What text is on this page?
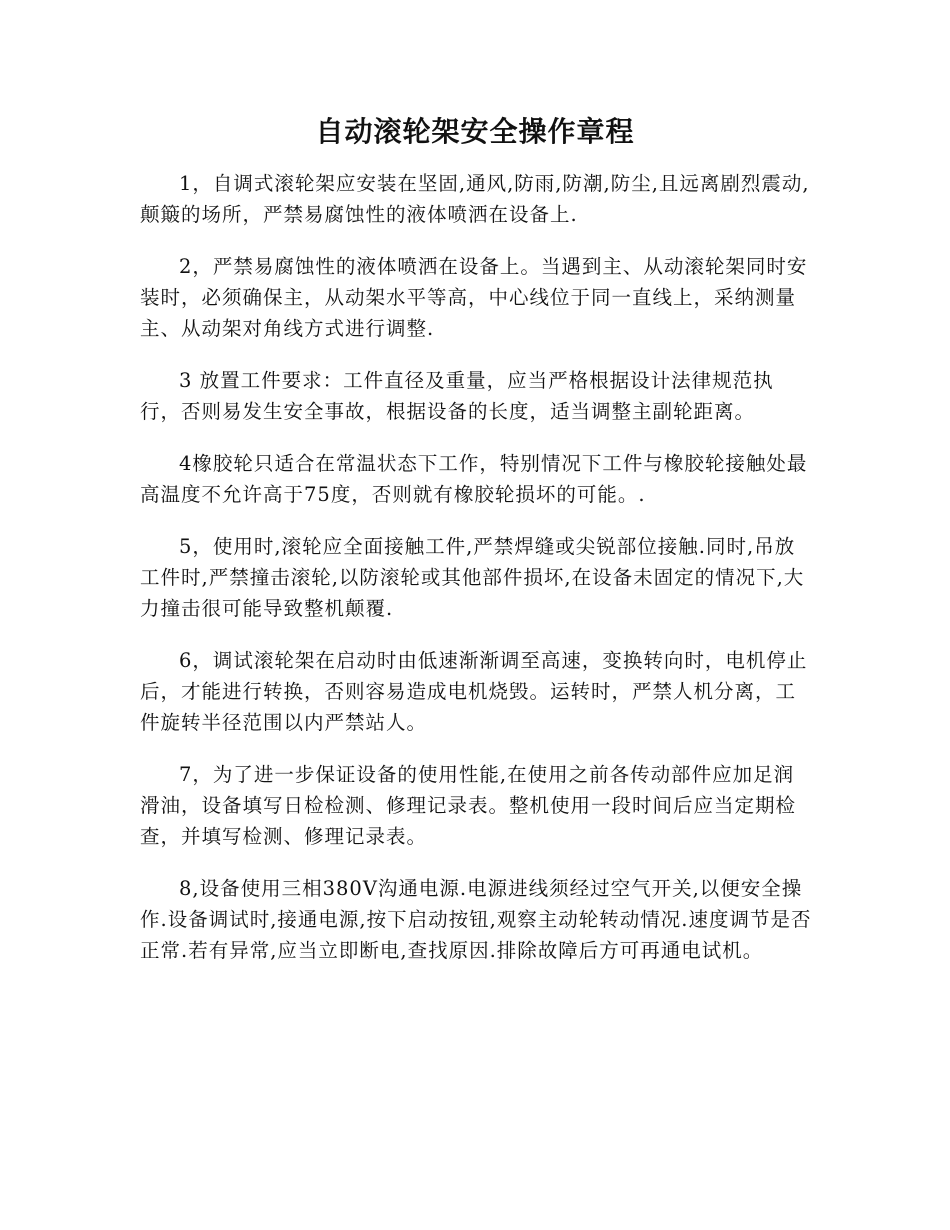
自动滚轮架安全操作章程

1，自调式滚轮架应安装在坚固,通风,防雨,防潮,防尘,且远离剧烈震动,颠簸的场所，严禁易腐蚀性的液体喷洒在设备上.

2，严禁易腐蚀性的液体喷洒在设备上。当遇到主、从动滚轮架同时安装时，必须确保主，从动架水平等高，中心线位于同一直线上，采纳测量主、从动架对角线方式进行调整.

3 放置工件要求：工件直径及重量，应当严格根据设计法律规范执行，否则易发生安全事故，根据设备的长度，适当调整主副轮距离。

4橡胶轮只适合在常温状态下工作，特别情况下工件与橡胶轮接触处最高温度不允许高于75度，否则就有橡胶轮损坏的可能。.

5，使用时,滚轮应全面接触工件,严禁焊缝或尖锐部位接触.同时,吊放工件时,严禁撞击滚轮,以防滚轮或其他部件损坏,在设备未固定的情况下,大力撞击很可能导致整机颠覆.

6，调试滚轮架在启动时由低速渐渐调至高速，变换转向时，电机停止后，才能进行转换，否则容易造成电机烧毁。运转时，严禁人机分离，工件旋转半径范围以内严禁站人。

7，为了进一步保证设备的使用性能,在使用之前各传动部件应加足润滑油，设备填写日检检测、修理记录表。整机使用一段时间后应当定期检查，并填写检测、修理记录表。

8,设备使用三相380V沟通电源.电源进线须经过空气开关,以便安全操作.设备调试时,接通电源,按下启动按钮,观察主动轮转动情况.速度调节是否正常.若有异常,应当立即断电,查找原因.排除故障后方可再通电试机。
